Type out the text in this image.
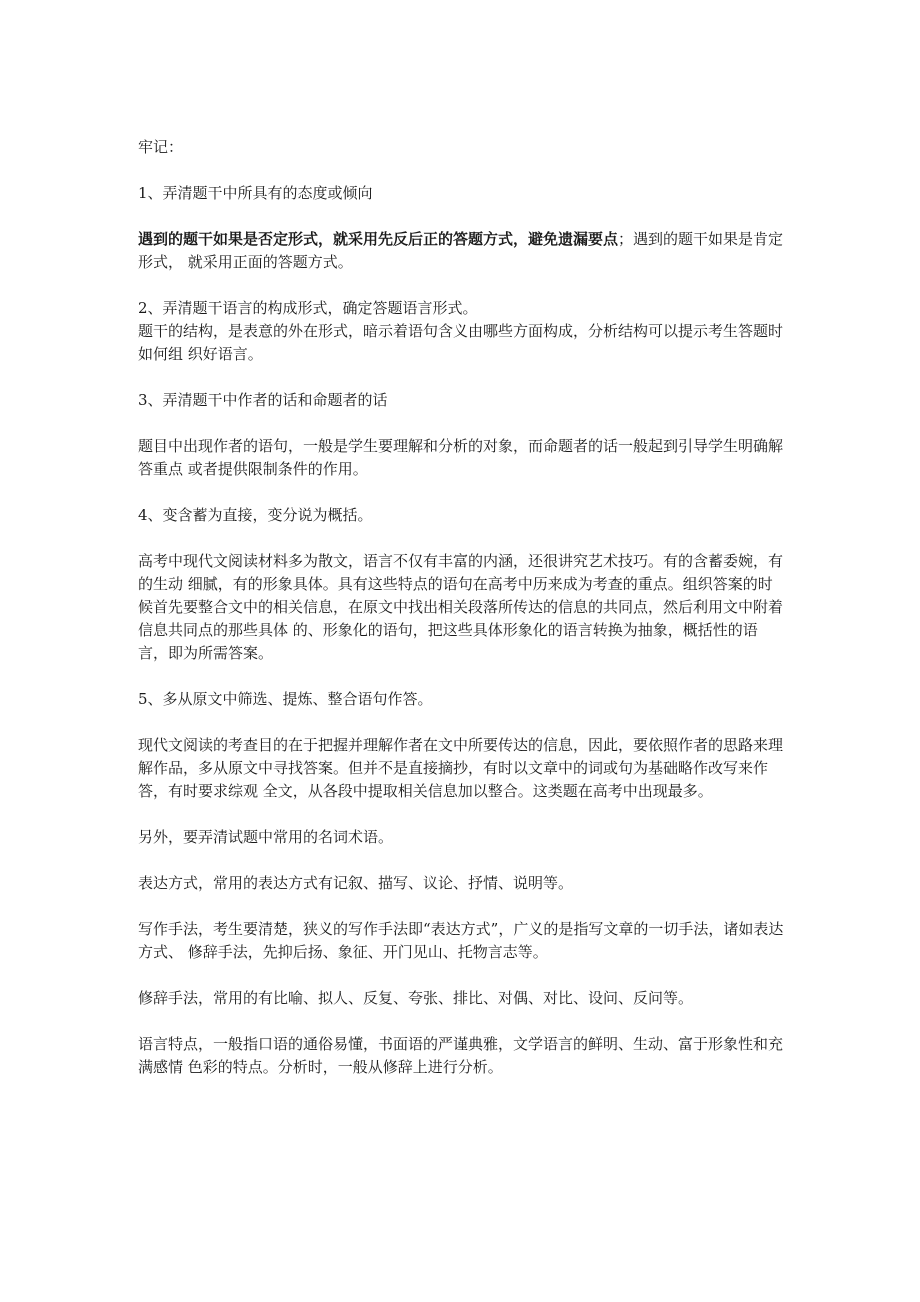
牢记：

1、弄清题干中所具有的态度或倾向

遇到的题干如果是否定形式，就采用先反后正的答题方式，避免遗漏要点；遇到的题干如果是肯定形式， 就采用正面的答题方式。

2、弄清题干语言的构成形式，确定答题语言形式。

题干的结构，是表意的外在形式，暗示着语句含义由哪些方面构成，分析结构可以提示考生答题时如何组 织好语言。

3、弄清题干中作者的话和命题者的话

题目中出现作者的语句，一般是学生要理解和分析的对象，而命题者的话一般起到引导学生明确解答重点 或者提供限制条件的作用。

4、变含蓄为直接，变分说为概括。

高考中现代文阅读材料多为散文，语言不仅有丰富的内涵，还很讲究艺术技巧。有的含蓄委婉，有的生动 细腻，有的形象具体。具有这些特点的语句在高考中历来成为考查的重点。组织答案的时候首先要整合文中的相关信息，在原文中找出相关段落所传达的信息的共同点，然后利用文中附着信息共同点的那些具体 的、形象化的语句，把这些具体形象化的语言转换为抽象，概括性的语言，即为所需答案。

5、多从原文中筛选、提炼、整合语句作答。

现代文阅读的考查目的在于把握并理解作者在文中所要传达的信息，因此，要依照作者的思路来理解作品，多从原文中寻找答案。但并不是直接摘抄，有时以文章中的词或句为基础略作改写来作答，有时要求综观 全文，从各段中提取相关信息加以整合。这类题在高考中出现最多。

另外，要弄清试题中常用的名词术语。

表达方式，常用的表达方式有记叙、描写、议论、抒情、说明等。

写作手法，考生要清楚，狭义的写作手法即“表达方式”，广义的是指写文章的一切手法，诸如表达方式、 修辞手法，先抑后扬、象征、开门见山、托物言志等。

修辞手法，常用的有比喻、拟人、反复、夸张、排比、对偶、对比、设问、反问等。

语言特点，一般指口语的通俗易懂，书面语的严谨典雅，文学语言的鲜明、生动、富于形象性和充满感情 色彩的特点。分析时，一般从修辞上进行分析。
